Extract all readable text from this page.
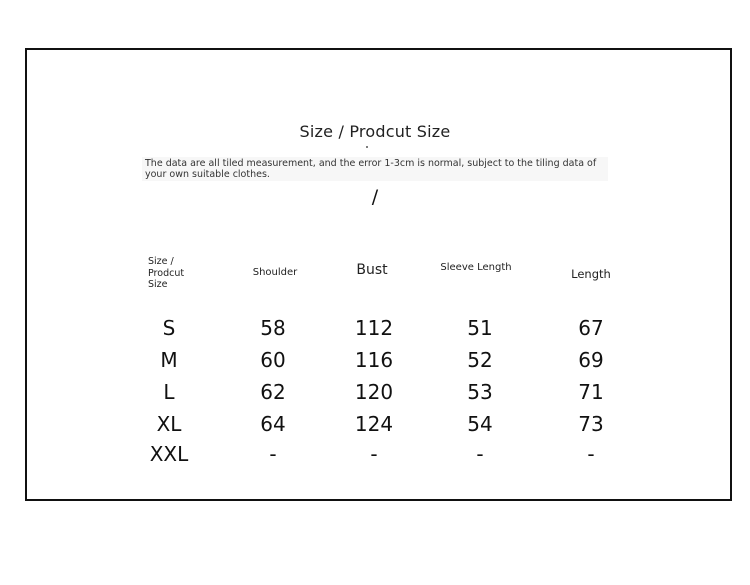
Size / Prodcut Size
The data are all tiled measurement, and the error 1-3cm is normal, subject to the tiling data of your own suitable clothes.
/
Size / Prodcut Size
Shoulder	Bust	Sleeve Length	Length
S	58	112	51	67
M	60	116	52	69
L	62	120	53	71
XL	64	124	54	73
XXL	-	-	-	-
